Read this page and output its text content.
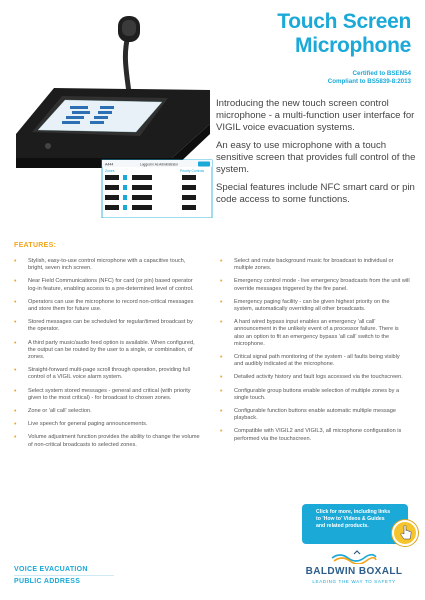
Touch Screen
Microphone
Certified to BSEN54
Compliant to BS5839-8:2013
A444	Logged in As Administrator
Zones	Priority Controls

Introducing the new touch screen control microphone - a multi-function user interface for VIGIL voice evacuation systems.

An easy to use microphone with a touch sensitive screen that provides full control of the system.

Special features include NFC smart card or pin code access to some functions.

FEATURES:
• Stylish, easy-to-use control microphone with a capacitive touch, bright, seven inch screen.
• Near Field Communications (NFC) for card (or pin) based operator log-in feature, enabling access to a pre-determined level of control.
• Operators can use the microphone to record non-critical messages and store them for future use.
• Stored messages can be scheduled for regular/timed broadcast by the operator.
• A third party music/audio feed option is available. When configured, the output can be routed by the user to a single, or combination, of zones.
• Straight-forward multi-page scroll through operation, providing full control of a VIGIL voice alarm system.
• Select system stored messages - general and critical (with priority given to the most critical) - for broadcast to chosen zones.
• Zone or 'all call' selection.
• Live speech for general paging announcements.
• Volume adjustment function provides the ability to change the volume of non-critical broadcasts to selected zones.
• Select and route background music for broadcast to individual or multiple zones.
• Emergency control mode - live emergency broadcasts from the unit will override messages triggered by the fire panel.
• Emergency paging facility - can be given highest priority on the system, automatically overriding all other broadcasts.
• A hard wired bypass input enables an emergency 'all call' announcement in the unlikely event of a processor failure. There is also an option to fit an emergency bypass 'all call' switch to the microphone.
• Critical signal path monitoring of the system - all faults being visibly and audibly indicated at the microphone.
• Detailed activity history and fault logs accessed via the touchscreen.
• Configurable group buttons enable selection of multiple zones by a single touch.
• Configurable function buttons enable automatic multiple message playback.
• Compatible with VIGIL2 and VIGIL3, all microphone configuration is performed via the touchscreen.
Click for more, including links
to 'How to' Videos & Guides
and related products.
BALDWIN BOXALL
LEADING THE WAY TO SAFETY
VOICE EVACUATION
PUBLIC ADDRESS
